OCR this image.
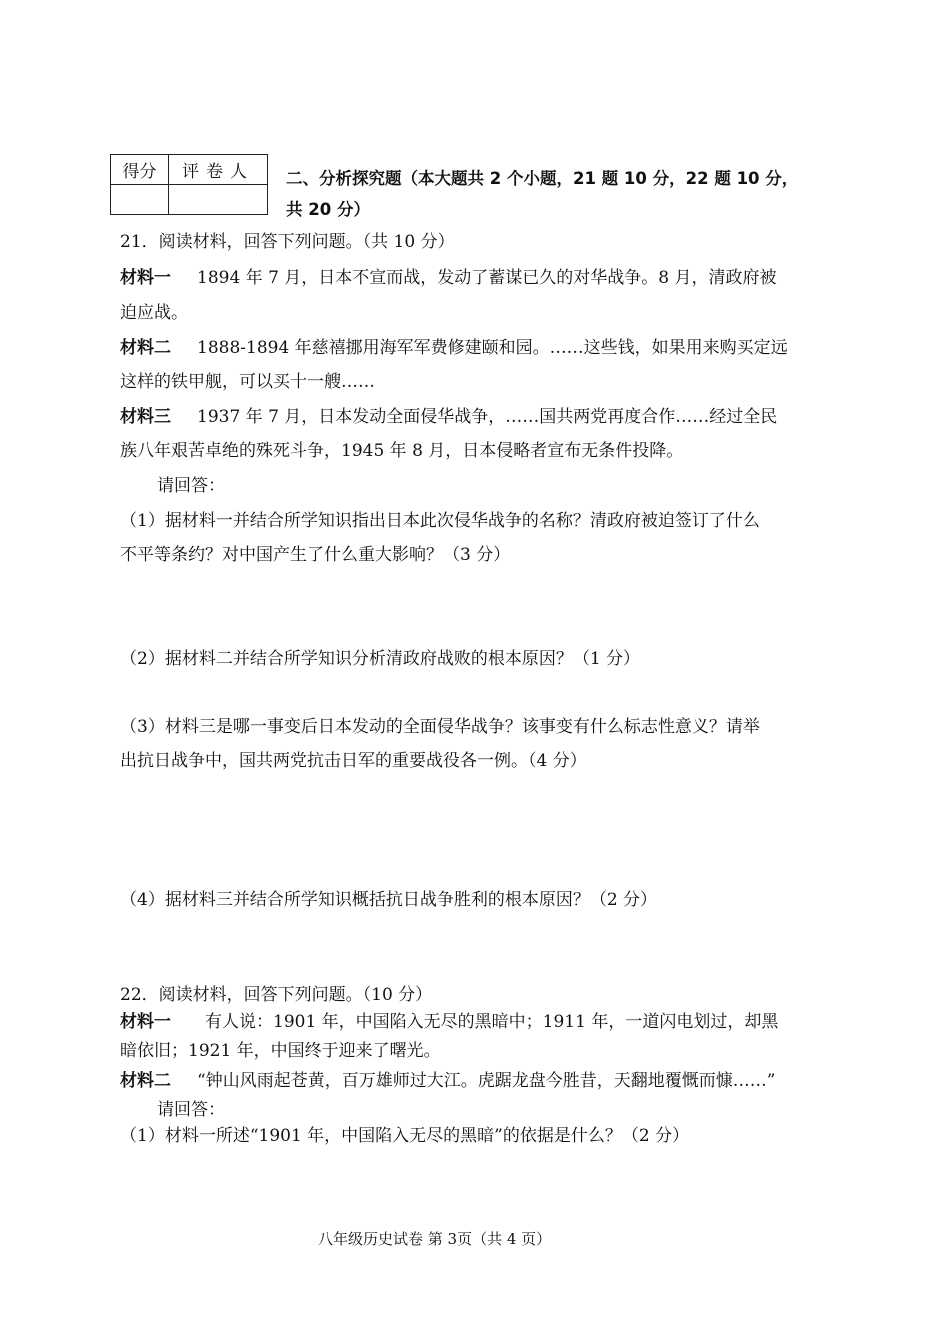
得分	评卷人
	二、分析探究题（本大题共 2 个小题，21 题 10 分，22 题 10 分，
共 20 分）
21．阅读材料，回答下列问题。（共 10 分）
材料一 1894 年 7 月，日本不宣而战，发动了蓄谋已久的对华战争。8 月，清政府被
迫应战。
材料二 1888-1894 年慈禧挪用海军军费修建颐和园。……这些钱，如果用来购买定远
这样的铁甲舰，可以买十一艘……
材料三 1937 年 7 月，日本发动全面侵华战争，……国共两党再度合作……经过全民
族八年艰苦卓绝的殊死斗争，1945 年 8 月，日本侵略者宣布无条件投降。
请回答：
（1）据材料一并结合所学知识指出日本此次侵华战争的名称？清政府被迫签订了什么
不平等条约？对中国产生了什么重大影响？（3 分）
（2）据材料二并结合所学知识分析清政府战败的根本原因？（1 分）
（3）材料三是哪一事变后日本发动的全面侵华战争？该事变有什么标志性意义？请举
出抗日战争中，国共两党抗击日军的重要战役各一例。（4 分）
（4）据材料三并结合所学知识概括抗日战争胜利的根本原因？（2 分）
22．阅读材料，回答下列问题。（10 分）
材料一 有人说：1901 年，中国陷入无尽的黑暗中；1911 年，一道闪电划过，却黑
暗依旧；1921 年，中国终于迎来了曙光。
材料二 “钟山风雨起苍黄，百万雄师过大江。虎踞龙盘今胜昔，天翻地覆慨而慷……”
请回答：
（1）材料一所述“1901 年，中国陷入无尽的黑暗”的依据是什么？（2 分）
八年级历史试卷 第 3页（共 4 页）
